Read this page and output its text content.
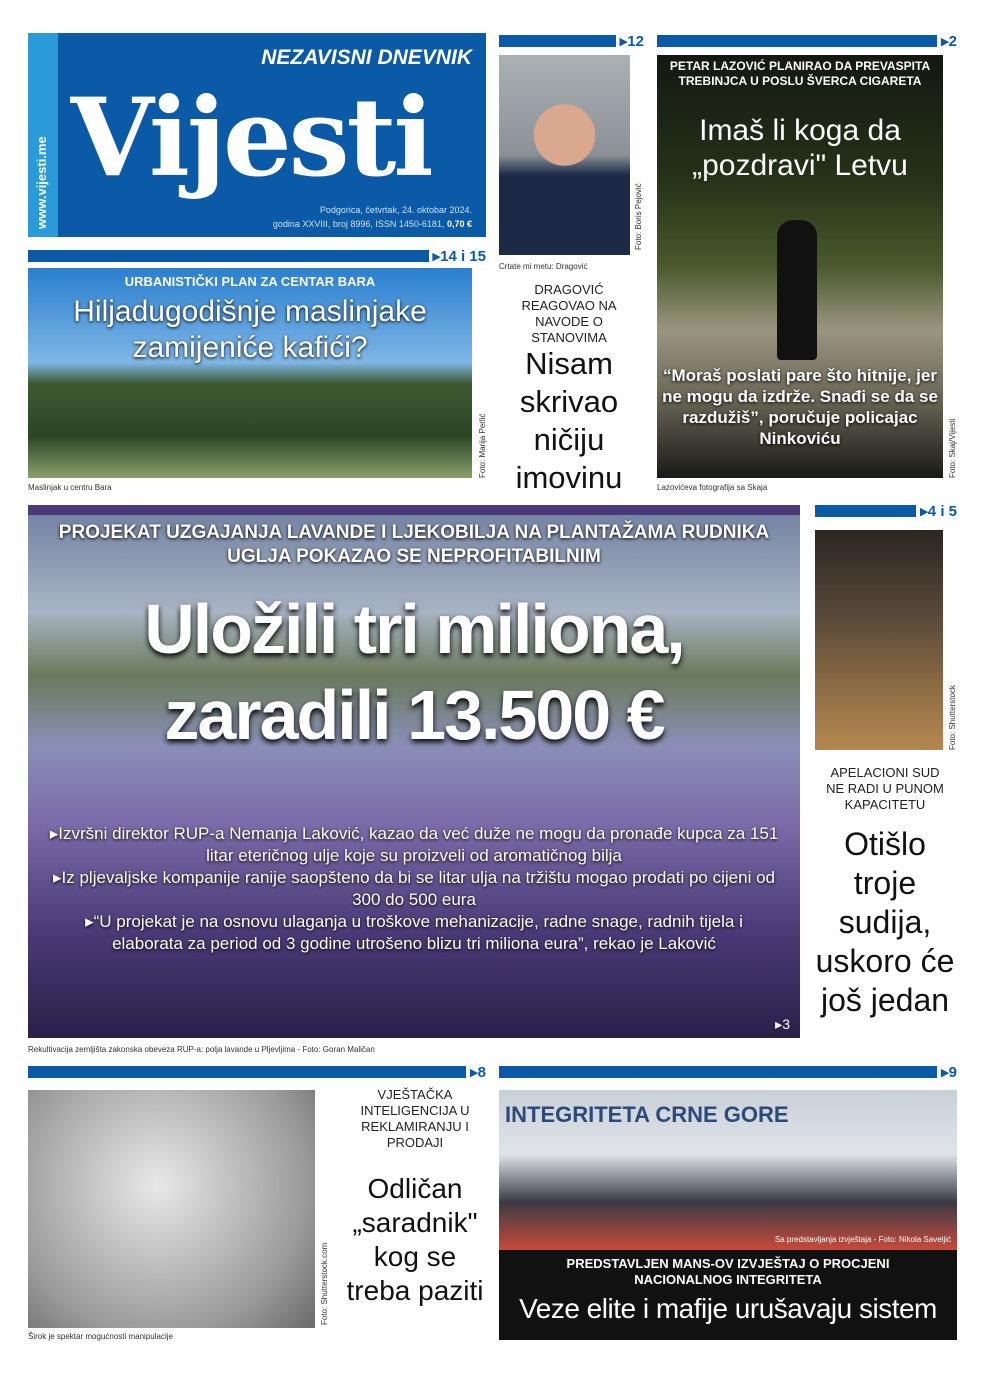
www.vijesti.me
NEZAVISNI DNEVNIK
Vijesti
Podgorica, četvrtak, 24. oktobar 2024.
godina XXVIII, broj 8996, ISSN 1450-6181, 0,70 €
▸14 i 15
URBANISTIČKI PLAN ZA CENTAR BARA
Hiljadugodišnje maslinjake zamijeniće kafići?
Maslinjak u centru Bara
Foto: Marija Perlić
▸12
Foto: Boris Pejović
Crtate mi metu: Dragović
DRAGOVIĆ REAGOVAO NA NAVODE O STANOVIMA
Nisam skrivao ničiju imovinu
▸2
PETAR LAZOVIĆ PLANIRAO DA PREVASPITA TREBINJCA U POSLU ŠVERCA CIGARETA
Imaš li koga da „pozdravi" Letvu
“Moraš poslati pare što hitnije, jer ne mogu da izdrže. Snađi se da se razdužiš”, poručuje policajac Ninkoviću
Lazovićeva fotografija sa Skaja
Foto: Skaj/Vijesti
PROJEKAT UZGAJANJA LAVANDE I LJEKOBILJA NA PLANTAŽAMA RUDNIKA UGLJA POKAZAO SE NEPROFITABILNIM
Uložili tri miliona,
zaradili 13.500 €
▸Izvršni direktor RUP-a Nemanja Laković, kazao da već duže ne mogu da pronađe kupca za 151 litar eteričnog ulje koje su proizveli od aromatičnog bilja
▸Iz pljevaljske kompanije ranije saopšteno da bi se litar ulja na tržištu mogao prodati po cijeni od 300 do 500 eura
▸“U projekat je na osnovu ulaganja u troškove mehanizacije, radne snage, radnih tijela i elaborata za period od 3 godine utrošeno blizu tri miliona eura”, rekao je Laković
▸3
Rekultivacija zemljišta zakonska obeveza RUP-a: polja lavande u Pljevljima - Foto: Goran Maličan
▸4 i 5
Foto: Shutterstock
APELACIONI SUD NE RADI U PUNOM KAPACITETU
Otišlo troje sudija, uskoro će još jedan
▸8
Foto: Shutterstock.com
Širok je spektar mogućnosti manipulacije
VJEŠTAČKA INTELIGENCIJA U REKLAMIRANJU I PRODAJI
Odličan „saradnik" kog se treba paziti
▸9
INTEGRITETA CRNE GORE
Sa predstavljanja izvještaja - Foto: Nikola Saveljić
PREDSTAVLJEN MANS-OV IZVJEŠTAJ O PROCJENI NACIONALNOG INTEGRITETA
Veze elite i mafije urušavaju sistem
